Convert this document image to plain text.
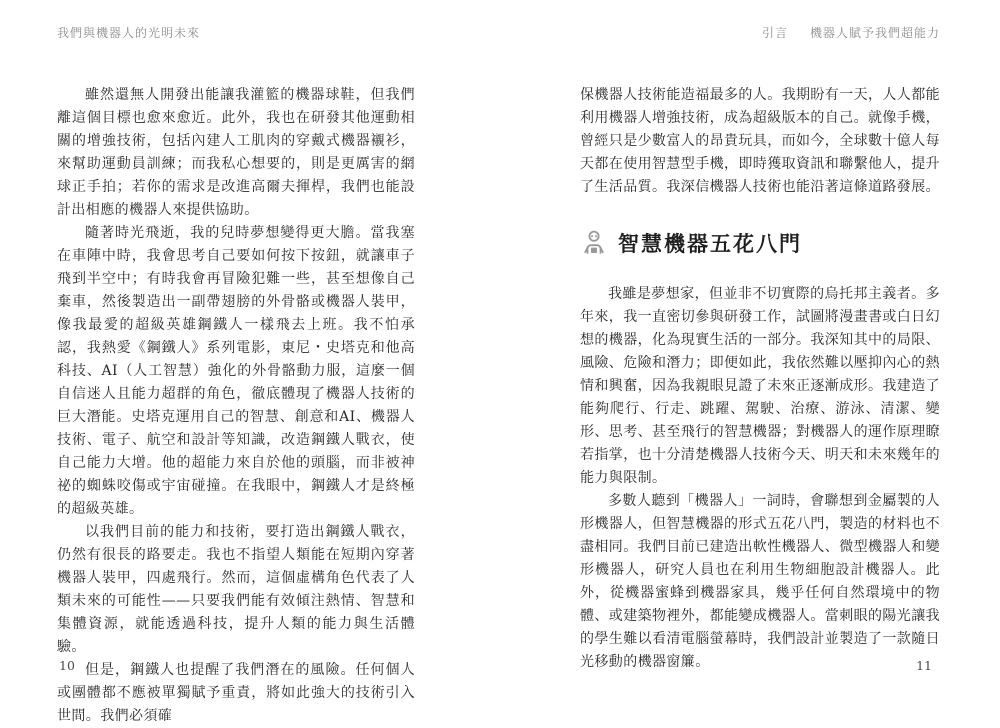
我們與機器人的光明未來

雖然還無人開發出能讓我灌籃的機器球鞋，但我們離這個目標也愈來愈近。此外，我也在研發其他運動相關的增強技術，包括內建人工肌肉的穿戴式機器襯衫，來幫助運動員訓練；而我私心想要的，則是更厲害的網球正手拍；若你的需求是改進高爾夫揮桿，我們也能設計出相應的機器人來提供協助。

隨著時光飛逝，我的兒時夢想變得更大膽。當我塞在車陣中時，我會思考自己要如何按下按鈕，就讓車子飛到半空中；有時我會再冒險犯難一些，甚至想像自己棄車，然後製造出一副帶翅膀的外骨骼或機器人裝甲，像我最愛的超級英雄鋼鐵人一樣飛去上班。我不怕承認，我熱愛《鋼鐵人》系列電影，東尼・史塔克和他高科技、AI（人工智慧）強化的外骨骼動力服，這麼一個自信迷人且能力超群的角色，徹底體現了機器人技術的巨大潛能。史塔克運用自己的智慧、創意和AI、機器人技術、電子、航空和設計等知識，改造鋼鐵人戰衣，使自己能力大增。他的超能力來自於他的頭腦，而非被神祕的蜘蛛咬傷或宇宙碰撞。在我眼中，鋼鐵人才是終極的超級英雄。

以我們目前的能力和技術，要打造出鋼鐵人戰衣，仍然有很長的路要走。我也不指望人類能在短期內穿著機器人裝甲，四處飛行。然而，這個虛構角色代表了人類未來的可能性——只要我們能有效傾注熱情、智慧和集體資源，就能透過科技，提升人類的能力與生活體驗。

但是，鋼鐵人也提醒了我們潛在的風險。任何個人或團體都不應被單獨賦予重責，將如此強大的技術引入世間。我們必須確

10
引言 機器人賦予我們超能力

保機器人技術能造福最多的人。我期盼有一天，人人都能利用機器人增強技術，成為超級版本的自己。就像手機，曾經只是少數富人的昂貴玩具，而如今，全球數十億人每天都在使用智慧型手機，即時獲取資訊和聯繫他人，提升了生活品質。我深信機器人技術也能沿著這條道路發展。

智慧機器五花八門

我雖是夢想家，但並非不切實際的烏托邦主義者。多年來，我一直密切參與研發工作，試圖將漫畫書或白日幻想的機器，化為現實生活的一部分。我深知其中的局限、風險、危險和潛力；即便如此，我依然難以壓抑內心的熱情和興奮，因為我親眼見證了未來正逐漸成形。我建造了能夠爬行、行走、跳躍、駕駛、治療、游泳、清潔、變形、思考、甚至飛行的智慧機器；對機器人的運作原理瞭若指掌，也十分清楚機器人技術今天、明天和未來幾年的能力與限制。

多數人聽到「機器人」一詞時，會聯想到金屬製的人形機器人，但智慧機器的形式五花八門，製造的材料也不盡相同。我們目前已建造出軟性機器人、微型機器人和變形機器人，研究人員也在利用生物細胞設計機器人。此外，從機器蜜蜂到機器家具，幾乎任何自然環境中的物體、或建築物裡外，都能變成機器人。當刺眼的陽光讓我的學生難以看清電腦螢幕時，我們設計並製造了一款隨日光移動的機器窗簾。	11
